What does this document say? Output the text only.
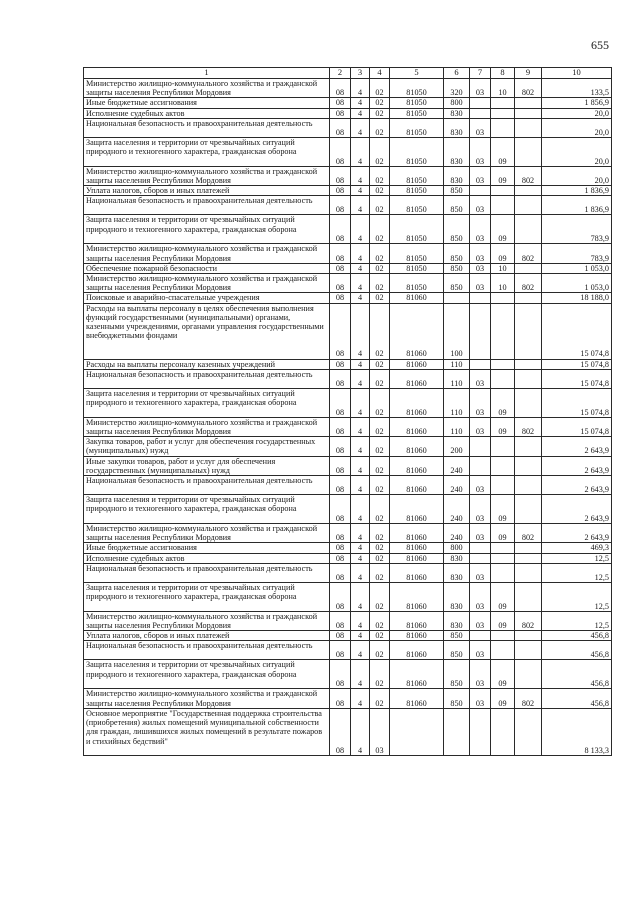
655
1	2	3	4	5	6	7	8	9	10
Министерство жилищно-коммунального хозяйства и гражданской защиты населения Республики Мордовия	08	4	02	81050	320	03	10	802	133,5
Иные бюджетные ассигнования	08	4	02	81050	800				1 856,9
Исполнение судебных актов	08	4	02	81050	830				20,0
Национальная безопасность и правоохранительная деятельность	08	4	02	81050	830	03			20,0
Защита населения и территории от чрезвычайных ситуаций природного и техногенного характера, гражданская оборона	08	4	02	81050	830	03	09		20,0
Министерство жилищно-коммунального хозяйства и гражданской защиты населения Республики Мордовия	08	4	02	81050	830	03	09	802	20,0
Уплата налогов, сборов и иных платежей	08	4	02	81050	850				1 836,9
Национальная безопасность и правоохранительная деятельность	08	4	02	81050	850	03			1 836,9
Защита населения и территории от чрезвычайных ситуаций природного и техногенного характера, гражданская оборона	08	4	02	81050	850	03	09		783,9
Министерство жилищно-коммунального хозяйства и гражданской защиты населения Республики Мордовия	08	4	02	81050	850	03	09	802	783,9
Обеспечение пожарной безопасности	08	4	02	81050	850	03	10		1 053,0
Министерство жилищно-коммунального хозяйства и гражданской защиты населения Республики Мордовия	08	4	02	81050	850	03	10	802	1 053,0
Поисковые и аварийно-спасательные учреждения	08	4	02	81060					18 188,0
Расходы на выплаты персоналу в целях обеспечения выполнения функций государственными (муниципальными) органами, казенными учреждениями, органами управления государственными внебюджетными фондами	08	4	02	81060	100				15 074,8
Расходы на выплаты персоналу казенных учреждений	08	4	02	81060	110				15 074,8
Национальная безопасность и правоохранительная деятельность	08	4	02	81060	110	03			15 074,8
Защита населения и территории от чрезвычайных ситуаций природного и техногенного характера, гражданская оборона	08	4	02	81060	110	03	09		15 074,8
Министерство жилищно-коммунального хозяйства и гражданской защиты населения Республики Мордовия	08	4	02	81060	110	03	09	802	15 074,8
Закупка товаров, работ и услуг для обеспечения государственных (муниципальных) нужд	08	4	02	81060	200				2 643,9
Иные закупки товаров, работ и услуг для обеспечения государственных (муниципальных) нужд	08	4	02	81060	240				2 643,9
Национальная безопасность и правоохранительная деятельность	08	4	02	81060	240	03			2 643,9
Защита населения и территории от чрезвычайных ситуаций природного и техногенного характера, гражданская оборона	08	4	02	81060	240	03	09		2 643,9
Министерство жилищно-коммунального хозяйства и гражданской защиты населения Республики Мордовия	08	4	02	81060	240	03	09	802	2 643,9
Иные бюджетные ассигнования	08	4	02	81060	800				469,3
Исполнение судебных актов	08	4	02	81060	830				12,5
Национальная безопасность и правоохранительная деятельность	08	4	02	81060	830	03			12,5
Защита населения и территории от чрезвычайных ситуаций природного и техногенного характера, гражданская оборона	08	4	02	81060	830	03	09		12,5
Министерство жилищно-коммунального хозяйства и гражданской защиты населения Республики Мордовия	08	4	02	81060	830	03	09	802	12,5
Уплата налогов, сборов и иных платежей	08	4	02	81060	850				456,8
Национальная безопасность и правоохранительная деятельность	08	4	02	81060	850	03			456,8
Защита населения и территории от чрезвычайных ситуаций природного и техногенного характера, гражданская оборона	08	4	02	81060	850	03	09		456,8
Министерство жилищно-коммунального хозяйства и гражданской защиты населения Республики Мордовия	08	4	02	81060	850	03	09	802	456,8
Основное мероприятие "Государственная поддержка строительства (приобретения) жилых помещений муниципальной собственности для граждан, лишившихся жилых помещений в результате пожаров и стихийных бедствий"	08	4	03						8 133,3
